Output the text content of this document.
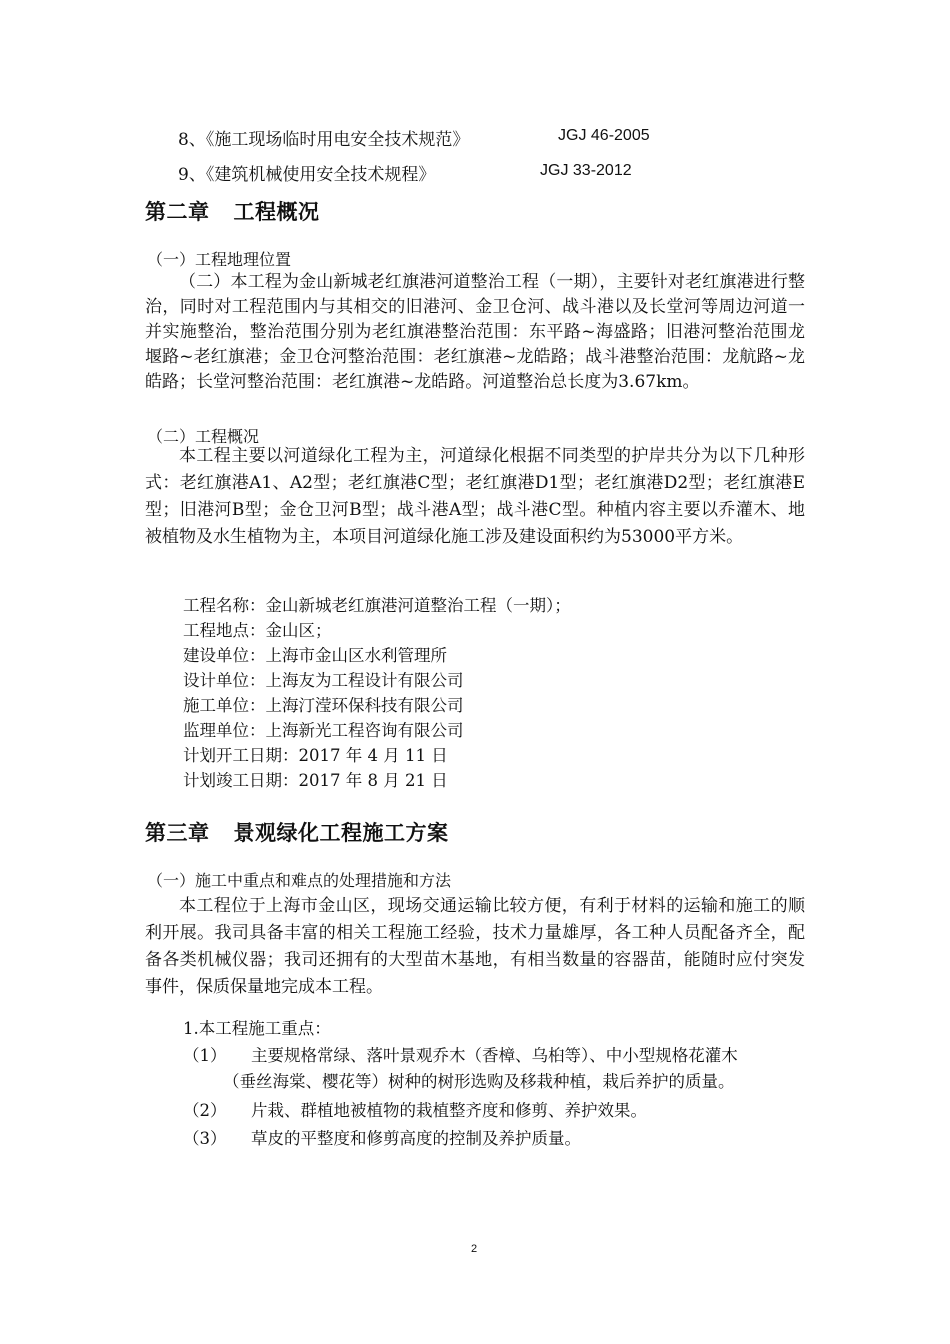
8、《施工现场临时用电安全技术规范》	JGJ 46-2005
9、《建筑机械使用安全技术规程》	JGJ 33-2012
第二章 工程概况
（一）工程地理位置
（二）本工程为金山新城老红旗港河道整治工程（一期），主要针对老红旗港进行整治，同时对工程范围内与其相交的旧港河、金卫仓河、战斗港以及长堂河等周边河道一并实施整治，整治范围分别为老红旗港整治范围：东平路~海盛路；旧港河整治范围龙堰路~老红旗港；金卫仓河整治范围：老红旗港~龙皓路；战斗港整治范围：龙航路~龙皓路；长堂河整治范围：老红旗港~龙皓路。河道整治总长度为3.67km。
（二）工程概况
本工程主要以河道绿化工程为主，河道绿化根据不同类型的护岸共分为以下几种形式：老红旗港A1、A2型；老红旗港C型；老红旗港D1型；老红旗港D2型；老红旗港E型；旧港河B型；金仓卫河B型；战斗港A型；战斗港C型。种植内容主要以乔灌木、地被植物及水生植物为主，本项目河道绿化施工涉及建设面积约为53000平方米。
工程名称：金山新城老红旗港河道整治工程（一期）；
工程地点：金山区；
建设单位：上海市金山区水利管理所
设计单位：上海友为工程设计有限公司
施工单位：上海汀滢环保科技有限公司
监理单位：上海新光工程咨询有限公司
计划开工日期：2017 年 4 月 11 日
计划竣工日期：2017 年 8 月 21 日
第三章 景观绿化工程施工方案
（一）施工中重点和难点的处理措施和方法
本工程位于上海市金山区，现场交通运输比较方便，有利于材料的运输和施工的顺利开展。我司具备丰富的相关工程施工经验，技术力量雄厚，各工种人员配备齐全，配备各类机械仪器；我司还拥有的大型苗木基地，有相当数量的容器苗，能随时应付突发事件，保质保量地完成本工程。
1.本工程施工重点：
（1） 主要规格常绿、落叶景观乔木（香樟、乌桕等）、中小型规格花灌木
（垂丝海棠、樱花等）树种的树形选购及移栽种植，栽后养护的质量。
（2） 片栽、群植地被植物的栽植整齐度和修剪、养护效果。
（3） 草皮的平整度和修剪高度的控制及养护质量。
2
